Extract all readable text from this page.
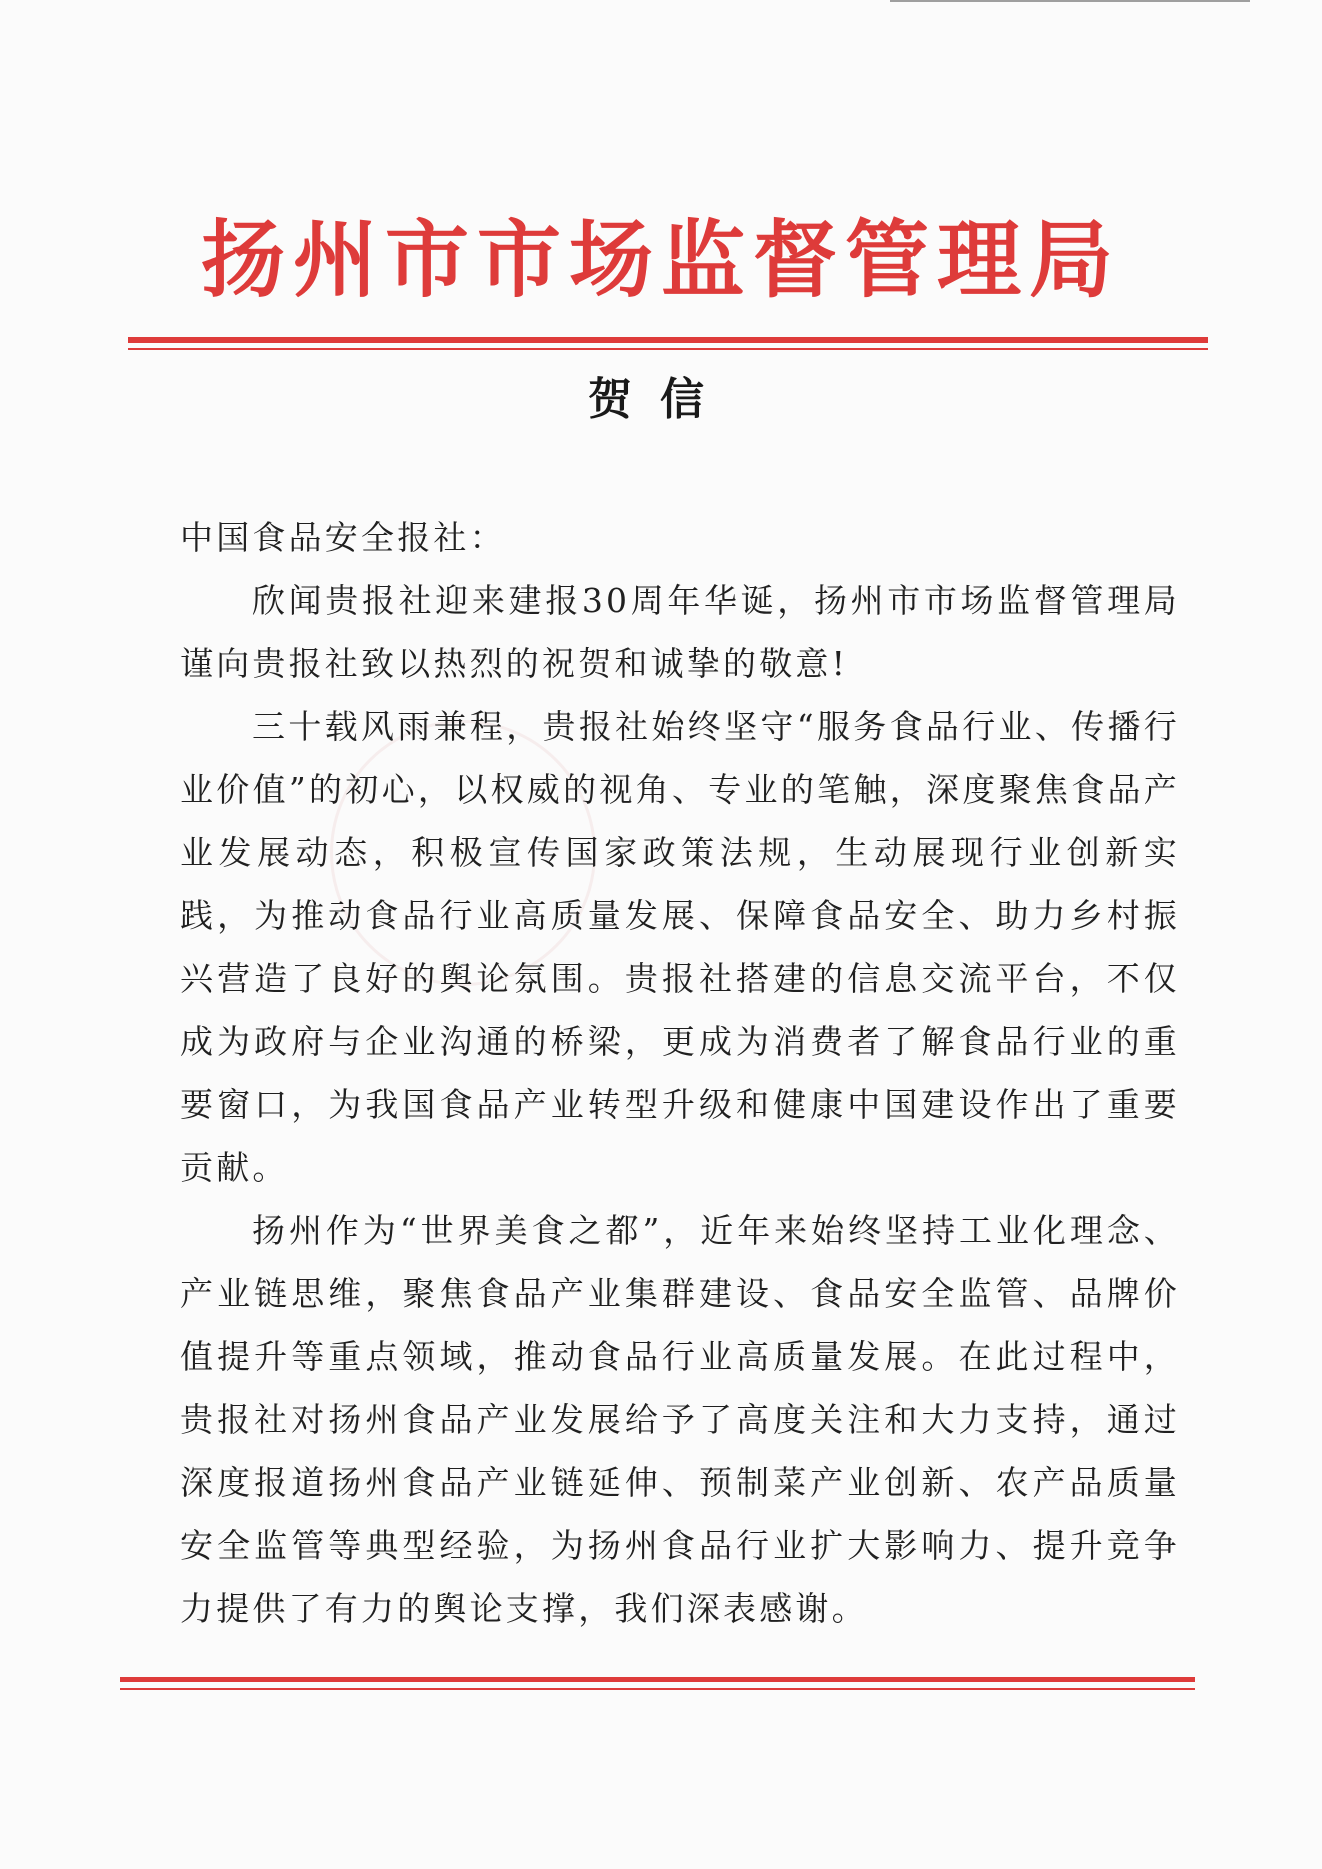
扬州市市场监督管理局
贺信

中国食品安全报社：

欣闻贵报社迎来建报30周年华诞，扬州市市场监督管理局谨向贵报社致以热烈的祝贺和诚挚的敬意!

三十载风雨兼程，贵报社始终坚守“服务食品行业、传播行业价值”的初心，以权威的视角、专业的笔触，深度聚焦食品产业发展动态，积极宣传国家政策法规，生动展现行业创新实践，为推动食品行业高质量发展、保障食品安全、助力乡村振兴营造了良好的舆论氛围。贵报社搭建的信息交流平台，不仅成为政府与企业沟通的桥梁，更成为消费者了解食品行业的重要窗口，为我国食品产业转型升级和健康中国建设作出了重要贡献。

扬州作为“世界美食之都”，近年来始终坚持工业化理念、产业链思维，聚焦食品产业集群建设、食品安全监管、品牌价值提升等重点领域，推动食品行业高质量发展。在此过程中，贵报社对扬州食品产业发展给予了高度关注和大力支持，通过深度报道扬州食品产业链延伸、预制菜产业创新、农产品质量安全监管等典型经验，为扬州食品行业扩大影响力、提升竞争力提供了有力的舆论支撑，我们深表感谢。
